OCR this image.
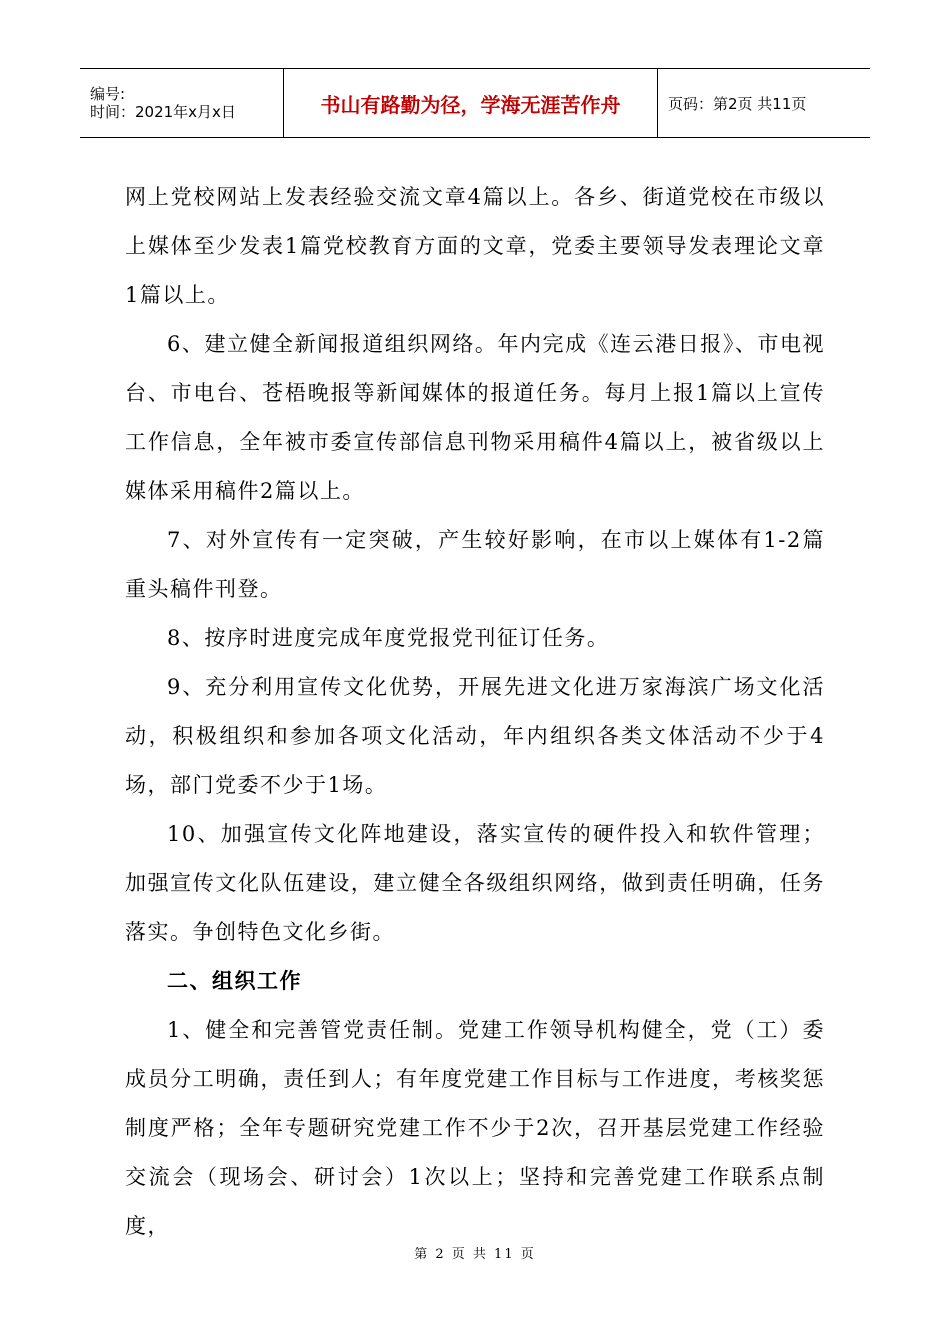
编号:
时间：2021年x月x日	书山有路勤为径，学海无涯苦作舟	页码：第2页 共11页

网上党校网站上发表经验交流文章4篇以上。各乡、街道党校在市级以上媒体至少发表1篇党校教育方面的文章，党委主要领导发表理论文章1篇以上。

6、建立健全新闻报道组织网络。年内完成《连云港日报》、市电视台、市电台、苍梧晚报等新闻媒体的报道任务。每月上报1篇以上宣传工作信息，全年被市委宣传部信息刊物采用稿件4篇以上，被省级以上媒体采用稿件2篇以上。

7、对外宣传有一定突破，产生较好影响，在市以上媒体有1-2篇重头稿件刊登。

8、按序时进度完成年度党报党刊征订任务。

9、充分利用宣传文化优势，开展先进文化进万家海滨广场文化活动，积极组织和参加各项文化活动，年内组织各类文体活动不少于4场，部门党委不少于1场。

10、加强宣传文化阵地建设，落实宣传的硬件投入和软件管理；加强宣传文化队伍建设，建立健全各级组织网络，做到责任明确，任务落实。争创特色文化乡街。

二、组织工作

1、健全和完善管党责任制。党建工作领导机构健全，党（工）委成员分工明确，责任到人；有年度党建工作目标与工作进度，考核奖惩制度严格；全年专题研究党建工作不少于2次，召开基层党建工作经验交流会（现场会、研讨会）1次以上；坚持和完善党建工作联系点制度，

第 2 页 共 11 页
